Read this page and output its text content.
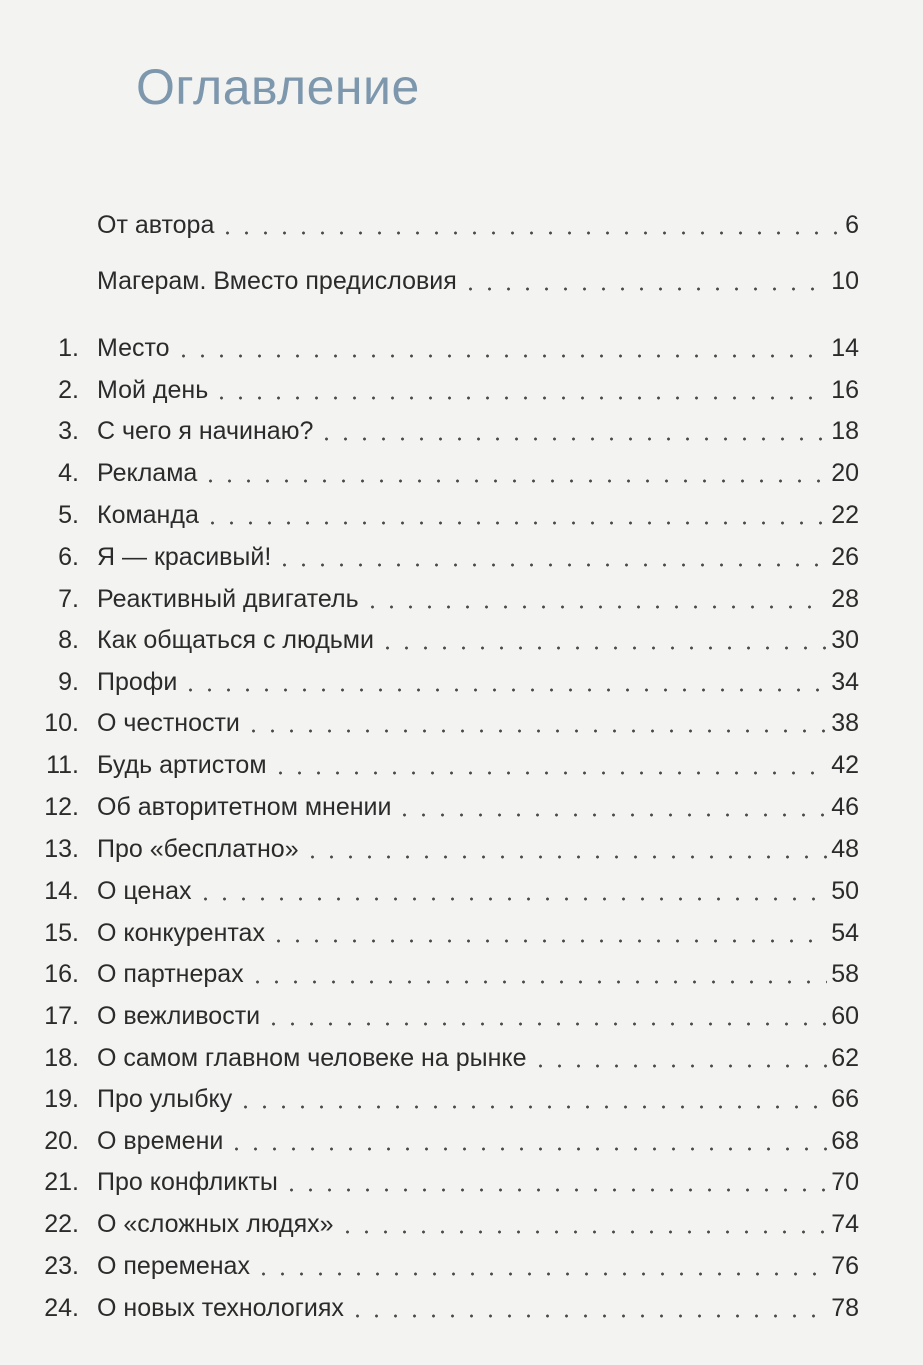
Оглавление
От автора	6
Магерам. Вместо предисловия	10
1. Место	14
2. Мой день	16
3. С чего я начинаю?	18
4. Реклама	20
5. Команда	22
6. Я — красивый!	26
7. Реактивный двигатель	28
8. Как общаться с людьми	30
9. Профи	34
10. О честности	38
11. Будь артистом	42
12. Об авторитетном мнении	46
13. Про «бесплатно»	48
14. О ценах	50
15. О конкурентах	54
16. О партнерах	58
17. О вежливости	60
18. О самом главном человеке на рынке	62
19. Про улыбку	66
20. О времени	68
21. Про конфликты	70
22. О «сложных людях»	74
23. О переменах	76
24. О новых технологиях	78
